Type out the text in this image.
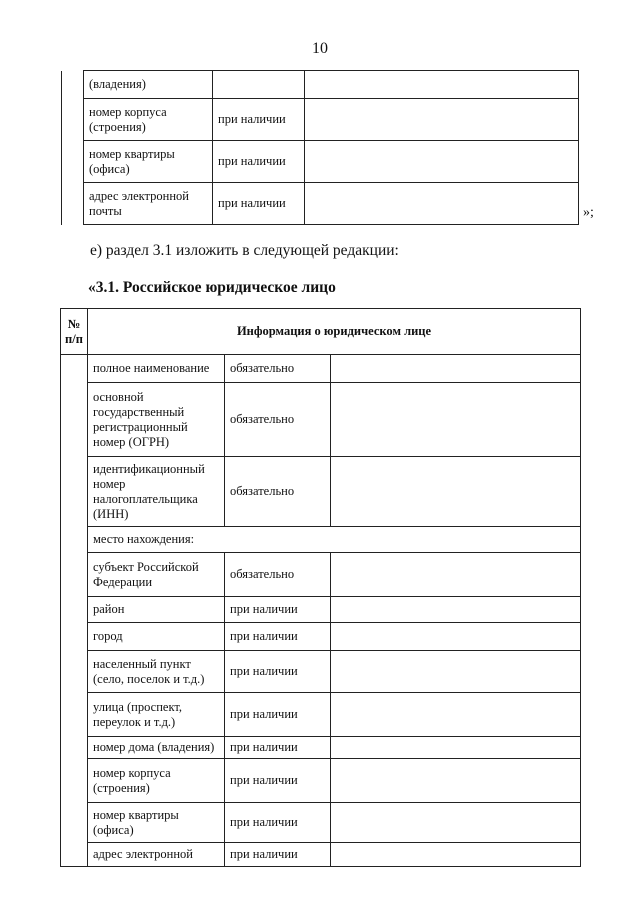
10
	(владения)		
	номер корпуса (строения)	при наличии	
	номер квартиры (офиса)	при наличии	
	адрес электронной почты	при наличии	
»;
е) раздел 3.1 изложить в следующей редакции:
«3.1. Российское юридическое лицо
№ п/п	Информация о юридическом лице		
	полное наименование	обязательно	
	основной государственный регистрационный номер (ОГРН)	обязательно	
	идентификационный номер налогоплательщика (ИНН)	обязательно	
	место нахождения:		
	субъект Российской Федерации	обязательно	
	район	при наличии	
	город	при наличии	
	населенный пункт (село, поселок и т.д.)	при наличии	
	улица (проспект, переулок и т.д.)	при наличии	
	номер дома (владения)	при наличии	
	номер корпуса (строения)	при наличии	
	номер квартиры (офиса)	при наличии	
	адрес электронной	при наличии	
